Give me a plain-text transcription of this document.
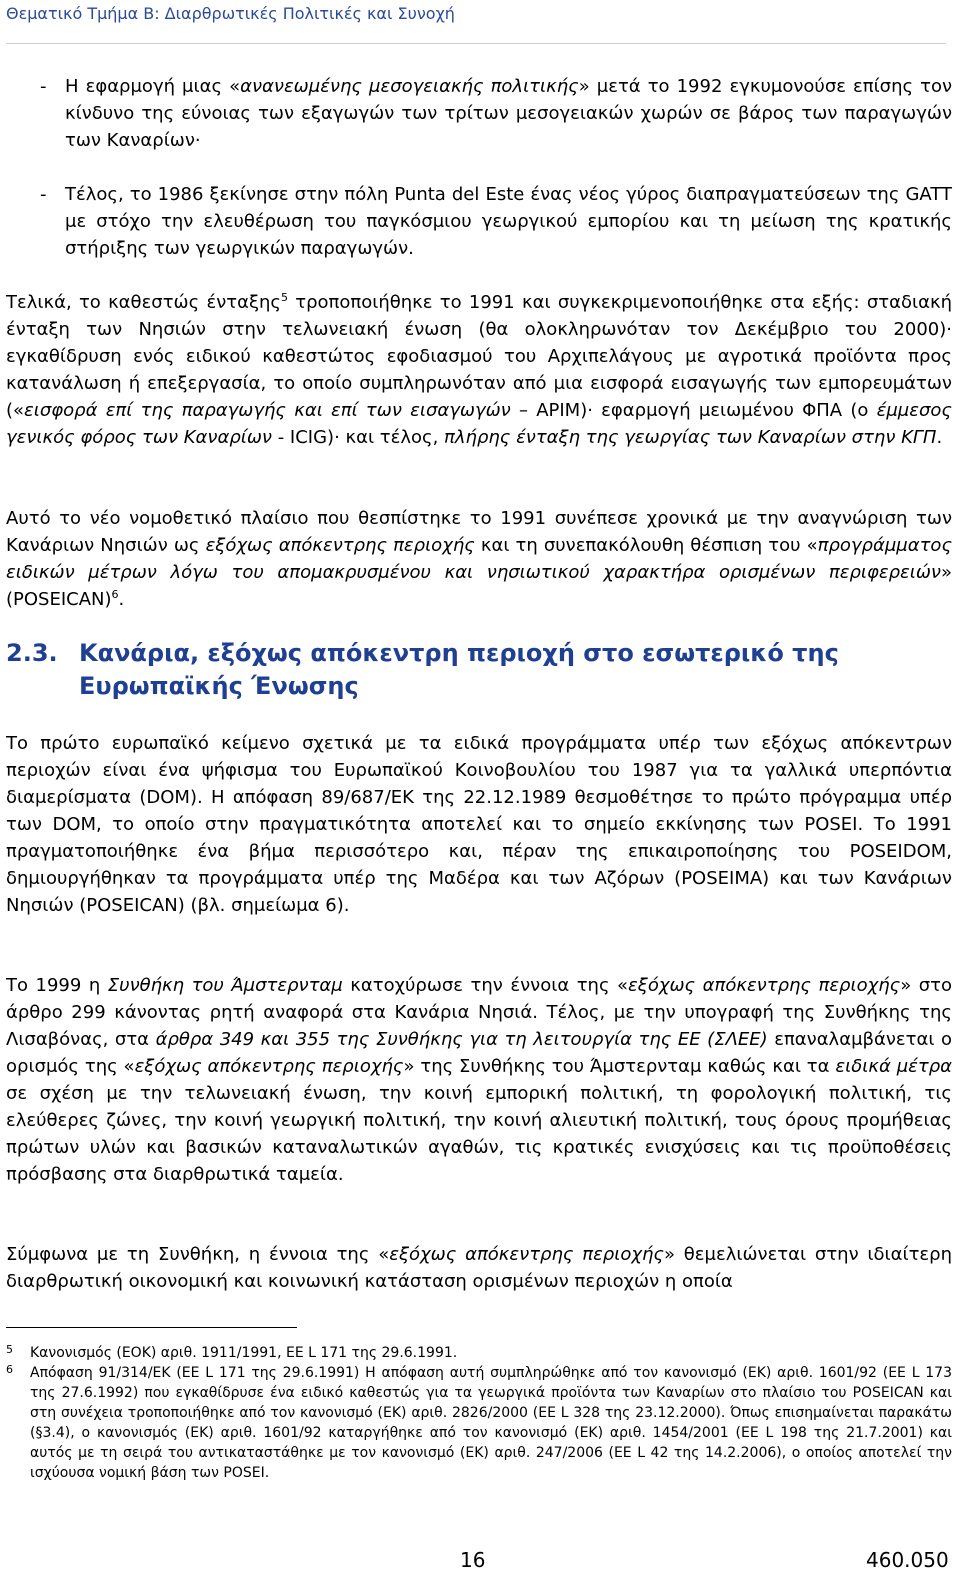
Θεματικό Τμήμα Β: Διαρθρωτικές Πολιτικές και Συνοχή
- Η εφαρμογή μιας «ανανεωμένης μεσογειακής πολιτικής» μετά το 1992 εγκυμονούσε επίσης τον κίνδυνο της εύνοιας των εξαγωγών των τρίτων μεσογειακών χωρών σε βάρος των παραγωγών των Καναρίων·
- Τέλος, το 1986 ξεκίνησε στην πόλη Punta del Este ένας νέος γύρος διαπραγματεύσεων της GATT με στόχο την ελευθέρωση του παγκόσμιου γεωργικού εμπορίου και τη μείωση της κρατικής στήριξης των γεωργικών παραγωγών.
Τελικά, το καθεστώς ένταξης$^5$ τροποποιήθηκε το 1991 και συγκεκριμενοποιήθηκε στα εξής: σταδιακή ένταξη των Νησιών στην τελωνειακή ένωση (θα ολοκληρωνόταν τον Δεκέμβριο του 2000)· εγκαθίδρυση ενός ειδικού καθεστώτος εφοδιασμού του Αρχιπελάγους με αγροτικά προϊόντα προς κατανάλωση ή επεξεργασία, το οποίο συμπληρωνόταν από μια εισφορά εισαγωγής των εμπορευμάτων («εισφορά επί της παραγωγής και επί των εισαγωγών – APIM)· εφαρμογή μειωμένου ΦΠΑ (ο έμμεσος γενικός φόρος των Καναρίων - ICIG)· και τέλος, πλήρης ένταξη της γεωργίας των Καναρίων στην ΚΓΠ.
Αυτό το νέο νομοθετικό πλαίσιο που θεσπίστηκε το 1991 συνέπεσε χρονικά με την αναγνώριση των Κανάριων Νησιών ως εξόχως απόκεντρης περιοχής και τη συνεπακόλουθη θέσπιση του «προγράμματος ειδικών μέτρων λόγω του απομακρυσμένου και νησιωτικού χαρακτήρα ορισμένων περιφερειών» (POSEICAN)$^6$.
2.3. Κανάρια, εξόχως απόκεντρη περιοχή στο εσωτερικό της Ευρωπαϊκής Ένωσης
Το πρώτο ευρωπαϊκό κείμενο σχετικά με τα ειδικά προγράμματα υπέρ των εξόχως απόκεντρων περιοχών είναι ένα ψήφισμα του Ευρωπαϊκού Κοινοβουλίου του 1987 για τα γαλλικά υπερπόντια διαμερίσματα (DOM). Η απόφαση 89/687/ΕΚ της 22.12.1989 θεσμοθέτησε το πρώτο πρόγραμμα υπέρ των DOM, το οποίο στην πραγματικότητα αποτελεί και το σημείο εκκίνησης των POSEI. Το 1991 πραγματοποιήθηκε ένα βήμα περισσότερο και, πέραν της επικαιροποίησης του POSEIDOM, δημιουργήθηκαν τα προγράμματα υπέρ της Μαδέρα και των Αζόρων (POSEIMA) και των Κανάριων Νησιών (POSEICAN) (βλ. σημείωμα 6).
Το 1999 η Συνθήκη του Άμστερνταμ κατοχύρωσε την έννοια της «εξόχως απόκεντρης περιοχής» στο άρθρο 299 κάνοντας ρητή αναφορά στα Κανάρια Νησιά. Τέλος, με την υπογραφή της Συνθήκης της Λισαβόνας, στα άρθρα 349 και 355 της Συνθήκης για τη λειτουργία της ΕΕ (ΣΛΕΕ) επαναλαμβάνεται ο ορισμός της «εξόχως απόκεντρης περιοχής» της Συνθήκης του Άμστερνταμ καθώς και τα ειδικά μέτρα σε σχέση με την τελωνειακή ένωση, την κοινή εμπορική πολιτική, τη φορολογική πολιτική, τις ελεύθερες ζώνες, την κοινή γεωργική πολιτική, την κοινή αλιευτική πολιτική, τους όρους προμήθειας πρώτων υλών και βασικών καταναλωτικών αγαθών, τις κρατικές ενισχύσεις και τις προϋποθέσεις πρόσβασης στα διαρθρωτικά ταμεία.
Σύμφωνα με τη Συνθήκη, η έννοια της «εξόχως απόκεντρης περιοχής» θεμελιώνεται στην ιδιαίτερη διαρθρωτική οικονομική και κοινωνική κατάσταση ορισμένων περιοχών η οποία
5 Κανονισμός (ΕΟΚ) αριθ. 1911/1991, ΕΕ L 171 της 29.6.1991.
6 Απόφαση 91/314/ΕΚ (ΕΕ L 171 της 29.6.1991) Η απόφαση αυτή συμπληρώθηκε από τον κανονισμό (ΕΚ) αριθ. 1601/92 (ΕΕ L 173 της 27.6.1992) που εγκαθίδρυσε ένα ειδικό καθεστώς για τα γεωργικά προϊόντα των Καναρίων στο πλαίσιο του POSEICAN και στη συνέχεια τροποποιήθηκε από τον κανονισμό (ΕΚ) αριθ. 2826/2000 (ΕΕ L 328 της 23.12.2000). Όπως επισημαίνεται παρακάτω (§3.4), ο κανονισμός (ΕΚ) αριθ. 1601/92 καταργήθηκε από τον κανονισμό (ΕΚ) αριθ. 1454/2001 (ΕΕ L 198 της 21.7.2001) και αυτός με τη σειρά του αντικαταστάθηκε με τον κανονισμό (ΕΚ) αριθ. 247/2006 (ΕΕ L 42 της 14.2.2006), ο οποίος αποτελεί την ισχύουσα νομική βάση των POSEI.
16	460.050
